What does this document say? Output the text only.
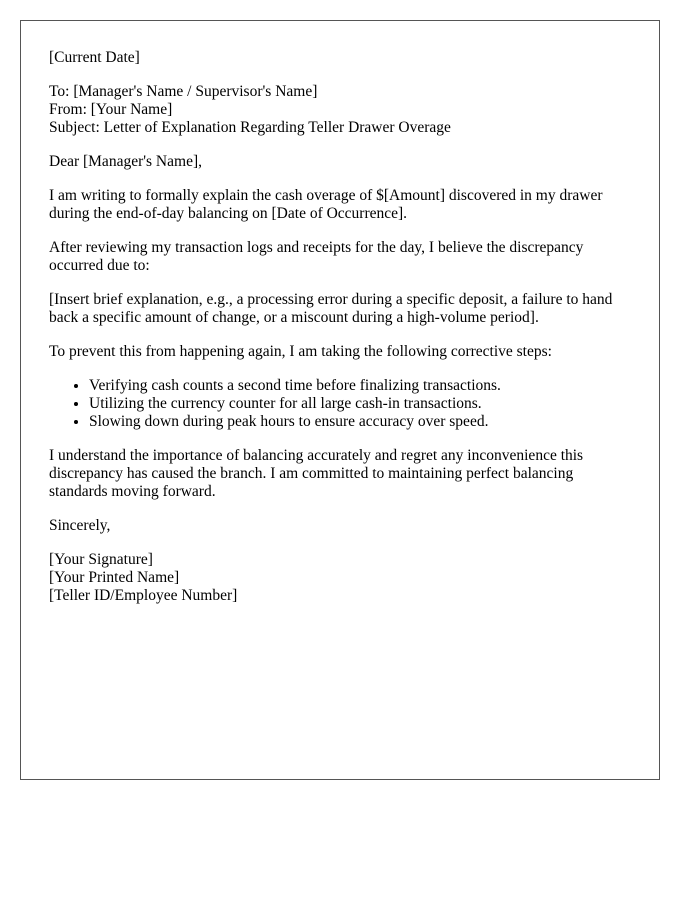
[Current Date]
To: [Manager's Name / Supervisor's Name]
From: [Your Name]
Subject: Letter of Explanation Regarding Teller Drawer Overage

Dear [Manager's Name],

I am writing to formally explain the cash overage of $[Amount] discovered in my drawer during the end-of-day balancing on [Date of Occurrence].

After reviewing my transaction logs and receipts for the day, I believe the discrepancy occurred due to:

[Insert brief explanation, e.g., a processing error during a specific deposit, a failure to hand back a specific amount of change, or a miscount during a high-volume period].

To prevent this from happening again, I am taking the following corrective steps:

• Verifying cash counts a second time before finalizing transactions.
• Utilizing the currency counter for all large cash-in transactions.
• Slowing down during peak hours to ensure accuracy over speed.

I understand the importance of balancing accurately and regret any inconvenience this discrepancy has caused the branch. I am committed to maintaining perfect balancing standards moving forward.

Sincerely,

[Your Signature]
[Your Printed Name]
[Teller ID/Employee Number]
